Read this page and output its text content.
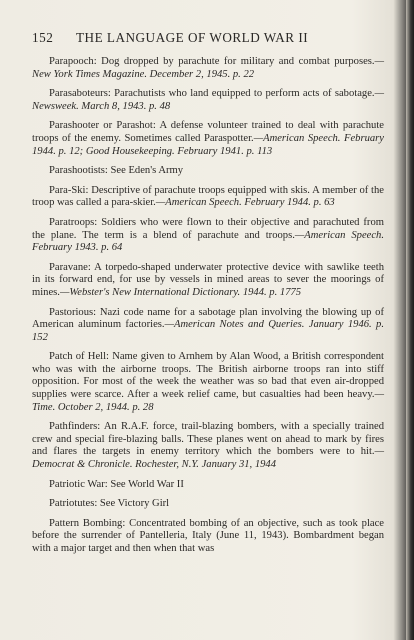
152 THE LANGUAGE OF WORLD WAR II

Parapooch: Dog dropped by parachute for military and combat purposes.—New York Times Magazine. December 2, 1945. p. 22

Parasaboteurs: Parachutists who land equipped to perform acts of sabotage.—Newsweek. March 8, 1943. p. 48

Parashooter or Parashot: A defense volunteer trained to deal with parachute troops of the enemy. Sometimes called Paraspotter.—American Speech. February 1944. p. 12; Good Housekeeping. February 1941. p. 113

Parashootists: See Eden's Army

Para-Ski: Descriptive of parachute troops equipped with skis. A member of the troop was called a para-skier.—American Speech. February 1944. p. 63

Paratroops: Soldiers who were flown to their objective and parachuted from the plane. The term is a blend of parachute and troops.—American Speech. February 1943. p. 64

Paravane: A torpedo-shaped underwater protective device with sawlike teeth in its forward end, for use by vessels in mined areas to sever the moorings of mines.—Webster's New International Dictionary. 1944. p. 1775

Pastorious: Nazi code name for a sabotage plan involving the blowing up of American aluminum factories.—American Notes and Queries. January 1946. p. 152

Patch of Hell: Name given to Arnhem by Alan Wood, a British correspondent who was with the airborne troops. The British airborne troops ran into stiff opposition. For most of the week the weather was so bad that even air-dropped supplies were scarce. After a week relief came, but casualties had been heavy.—Time. October 2, 1944. p. 28

Pathfinders: An R.A.F. force, trail-blazing bombers, with a specially trained crew and special fire-blazing balls. These planes went on ahead to mark by fires and flares the targets in enemy territory which the bombers were to hit.—Democrat & Chronicle. Rochester, N.Y. January 31, 1944

Patriotic War: See World War II

Patriotutes: See Victory Girl

Pattern Bombing: Concentrated bombing of an objective, such as took place before the surrender of Pantelleria, Italy (June 11, 1943). Bombardment began with a major target and then when that was
